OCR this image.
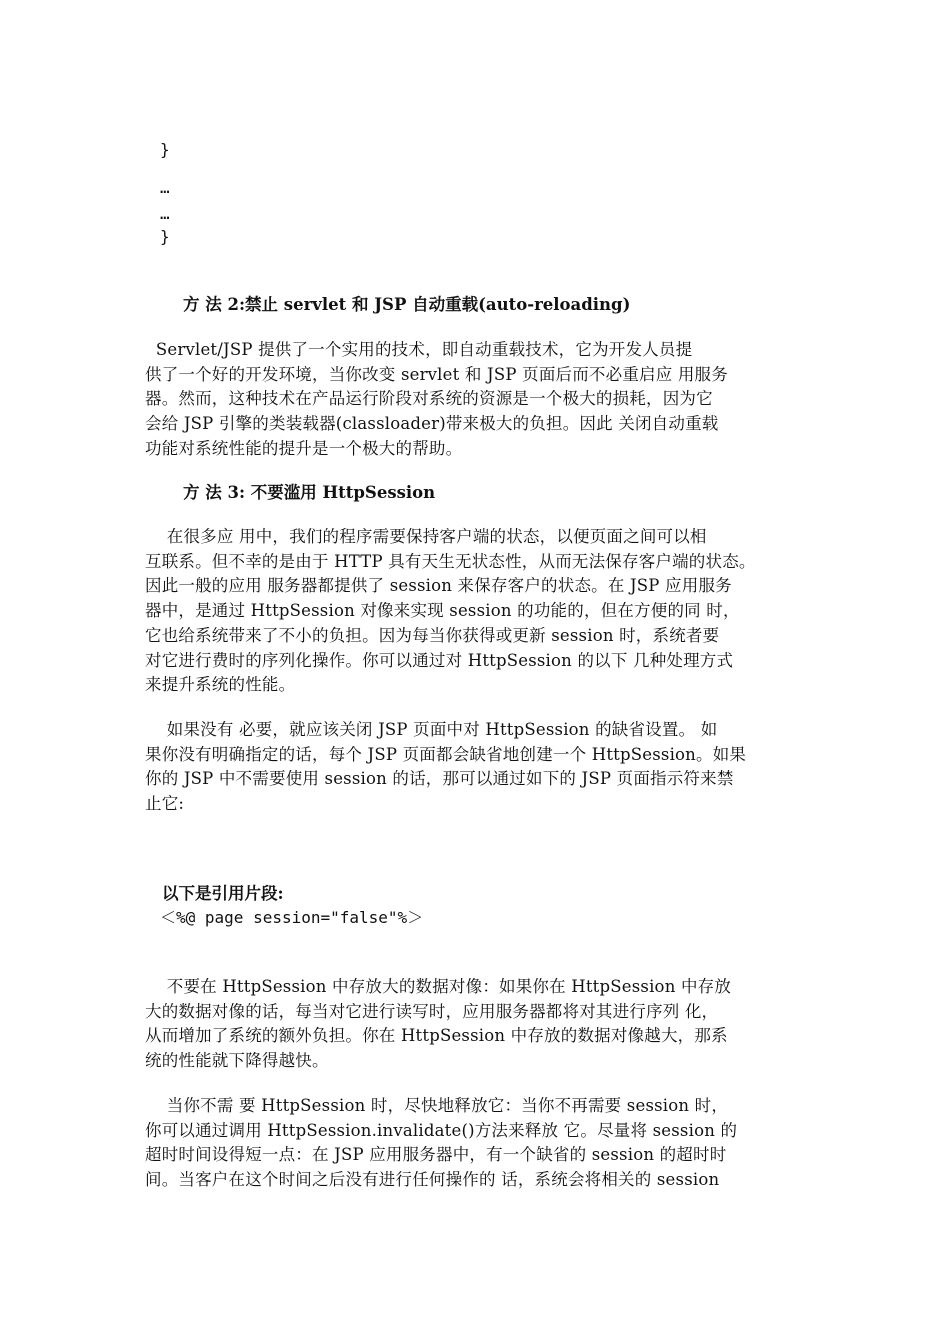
}
…
…
}
方 法 2:禁止 servlet 和 JSP 自动重载(auto-reloading)
Servlet/JSP 提供了一个实用的技术，即自动重载技术，它为开发人员提
供了一个好的开发环境，当你改变 servlet 和 JSP 页面后而不必重启应 用服务
器。然而，这种技术在产品运行阶段对系统的资源是一个极大的损耗，因为它
会给 JSP 引擎的类装载器(classloader)带来极大的负担。因此 关闭自动重载
功能对系统性能的提升是一个极大的帮助。
方 法 3: 不要滥用 HttpSession
在很多应 用中，我们的程序需要保持客户端的状态，以便页面之间可以相
互联系。但不幸的是由于 HTTP 具有天生无状态性，从而无法保存客户端的状态。
因此一般的应用 服务器都提供了 session 来保存客户的状态。在 JSP 应用服务
器中，是通过 HttpSession 对像来实现 session 的功能的，但在方便的同 时，
它也给系统带来了不小的负担。因为每当你获得或更新 session 时，系统者要
对它进行费时的序列化操作。你可以通过对 HttpSession 的以下 几种处理方式
来提升系统的性能。
如果没有 必要，就应该关闭 JSP 页面中对 HttpSession 的缺省设置。 如
果你没有明确指定的话，每个 JSP 页面都会缺省地创建一个 HttpSession。如果
你的 JSP 中不需要使用 session 的话，那可以通过如下的 JSP 页面指示符来禁
止它:
以下是引用片段:
＜%@ page session="false"%＞
不要在 HttpSession 中存放大的数据对像：如果你在 HttpSession 中存放
大的数据对像的话，每当对它进行读写时，应用服务器都将对其进行序列 化，
从而增加了系统的额外负担。你在 HttpSession 中存放的数据对像越大，那系
统的性能就下降得越快。
当你不需 要 HttpSession 时，尽快地释放它：当你不再需要 session 时，
你可以通过调用 HttpSession.invalidate()方法来释放 它。尽量将 session 的
超时时间设得短一点：在 JSP 应用服务器中，有一个缺省的 session 的超时时
间。当客户在这个时间之后没有进行任何操作的 话，系统会将相关的 session
